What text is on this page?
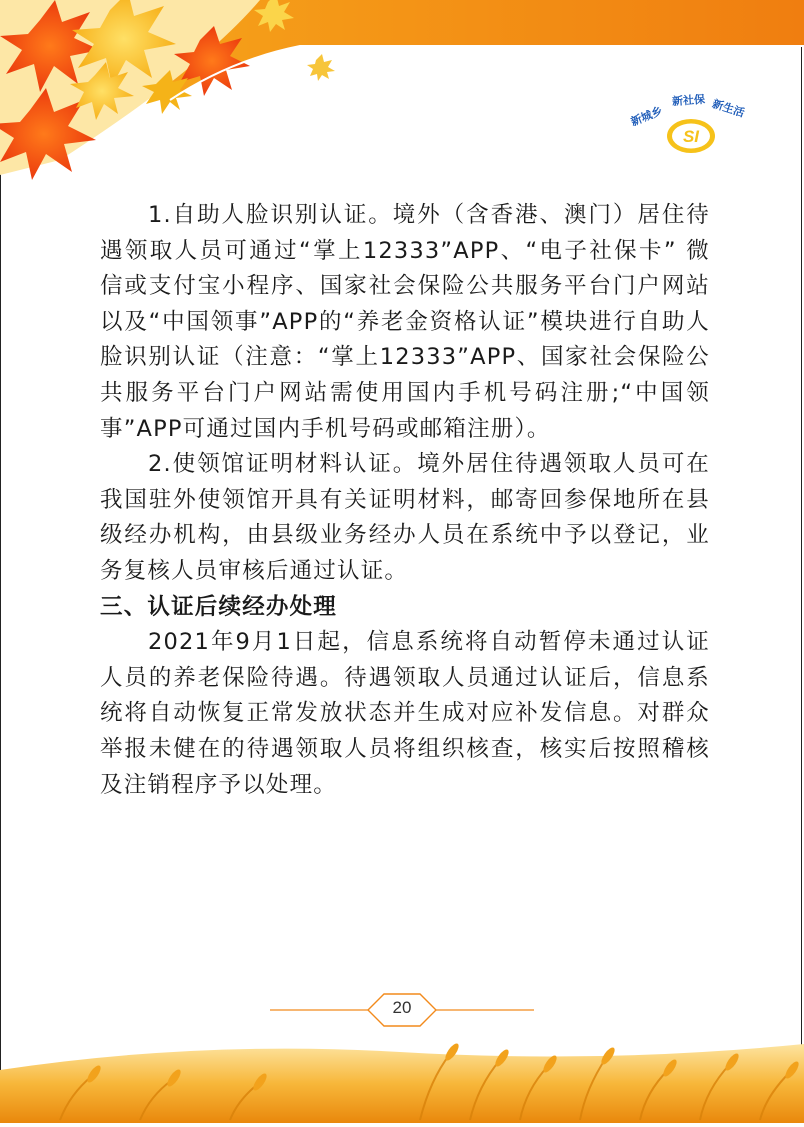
新城乡
新社保 新生活
SI

1.自助人脸识别认证。境外（含香港、澳门）居住待遇领取人员可通过“掌上12333”APP、“电子社保卡” 微信或支付宝小程序、国家社会保险公共服务平台门户网站以及“中国领事”APP的“养老金资格认证”模块进行自助人脸识别认证（注意：“掌上12333”APP、国家社会保险公共服务平台门户网站需使用国内手机号码注册;“中国领事”APP可通过国内手机号码或邮箱注册）。

2.使领馆证明材料认证。境外居住待遇领取人员可在我国驻外使领馆开具有关证明材料，邮寄回参保地所在县级经办机构，由县级业务经办人员在系统中予以登记，业务复核人员审核后通过认证。

三、认证后续经办处理

2021年9月1日起，信息系统将自动暂停未通过认证人员的养老保险待遇。待遇领取人员通过认证后，信息系统将自动恢复正常发放状态并生成对应补发信息。对群众举报未健在的待遇领取人员将组织核查，核实后按照稽核及注销程序予以处理。

20
